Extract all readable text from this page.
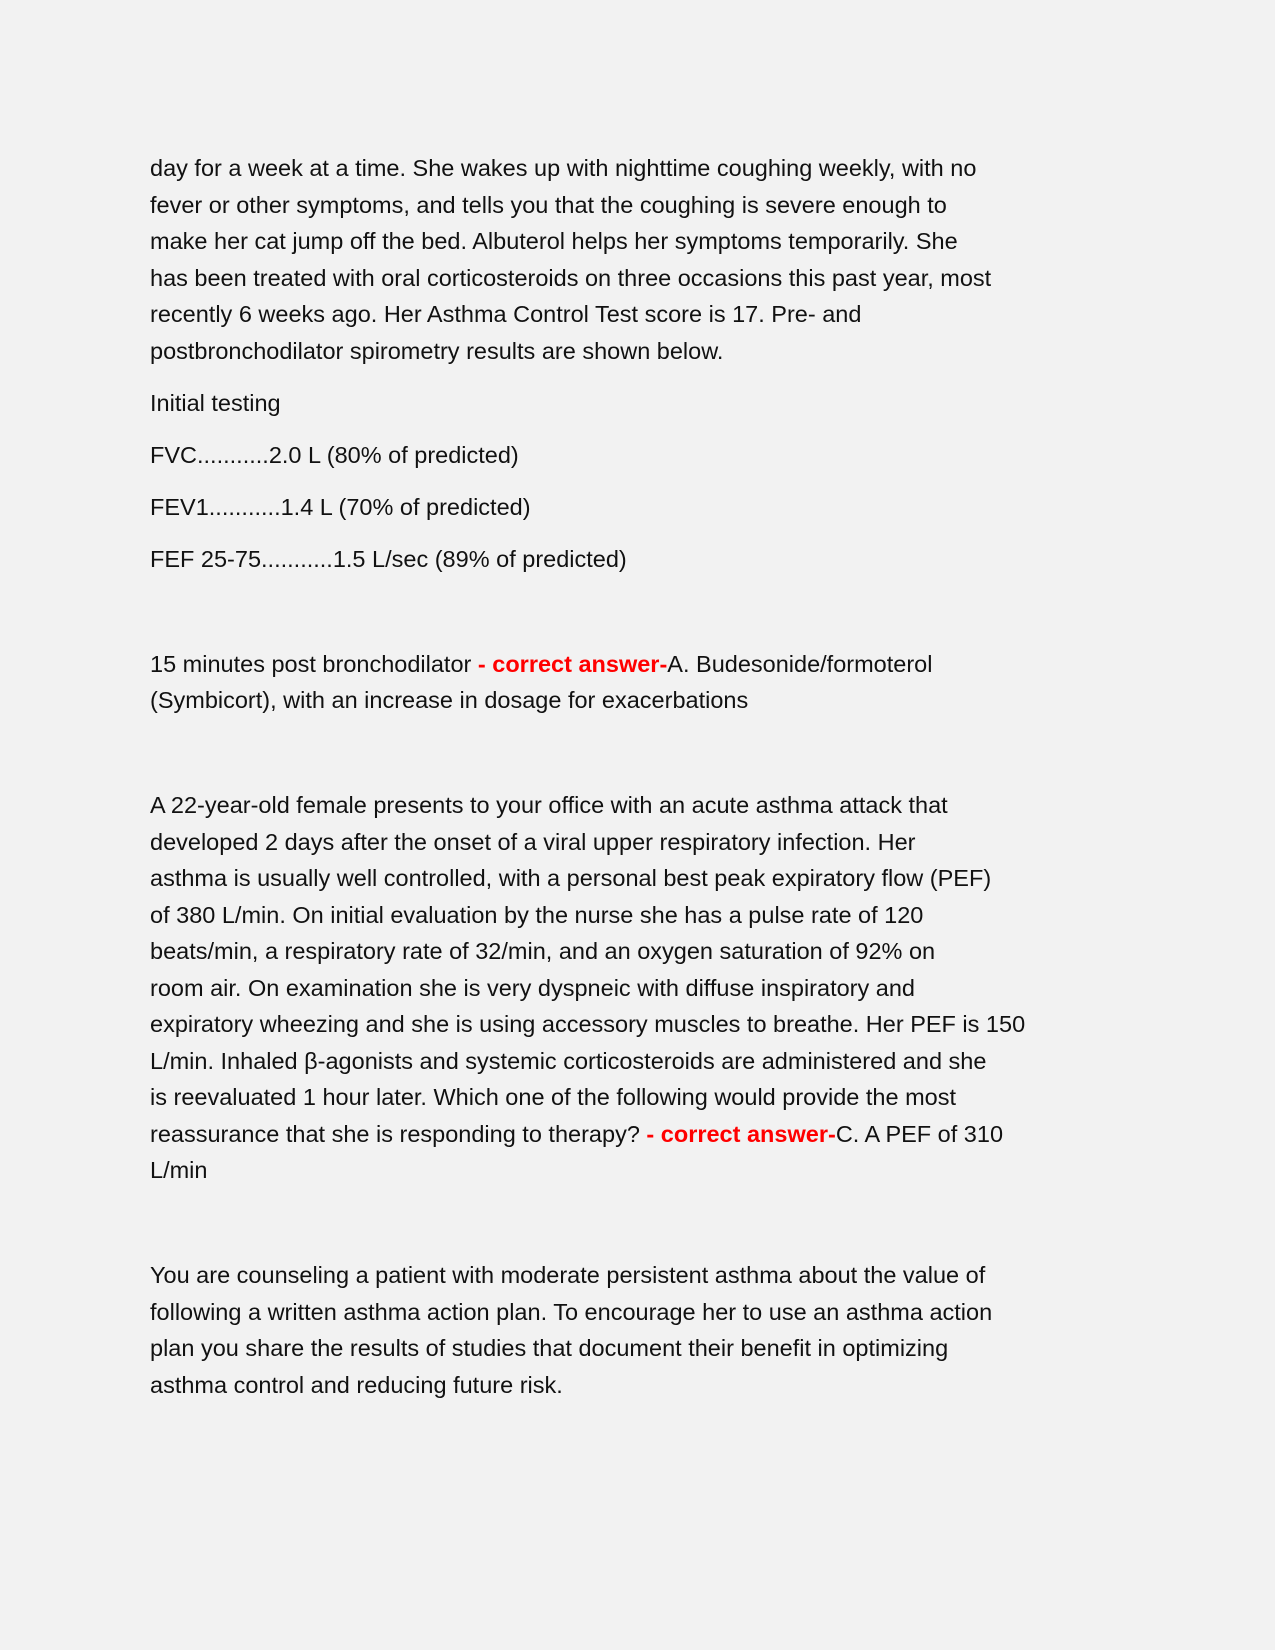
day for a week at a time. She wakes up with nighttime coughing weekly, with no
fever or other symptoms, and tells you that the coughing is severe enough to
make her cat jump off the bed. Albuterol helps her symptoms temporarily. She
has been treated with oral corticosteroids on three occasions this past year, most
recently 6 weeks ago. Her Asthma Control Test score is 17. Pre- and
postbronchodilator spirometry results are shown below.
Initial testing
FVC...........2.0 L (80% of predicted)
FEV1...........1.4 L (70% of predicted)
FEF 25-75...........1.5 L/sec (89% of predicted)
15 minutes post bronchodilator - correct answer-A. Budesonide/formoterol
(Symbicort), with an increase in dosage for exacerbations
A 22-year-old female presents to your office with an acute asthma attack that
developed 2 days after the onset of a viral upper respiratory infection. Her
asthma is usually well controlled, with a personal best peak expiratory flow (PEF)
of 380 L/min. On initial evaluation by the nurse she has a pulse rate of 120
beats/min, a respiratory rate of 32/min, and an oxygen saturation of 92% on
room air. On examination she is very dyspneic with diffuse inspiratory and
expiratory wheezing and she is using accessory muscles to breathe. Her PEF is 150
L/min. Inhaled β-agonists and systemic corticosteroids are administered and she
is reevaluated 1 hour later. Which one of the following would provide the most
reassurance that she is responding to therapy? - correct answer-C. A PEF of 310
L/min
You are counseling a patient with moderate persistent asthma about the value of
following a written asthma action plan. To encourage her to use an asthma action
plan you share the results of studies that document their benefit in optimizing
asthma control and reducing future risk.
